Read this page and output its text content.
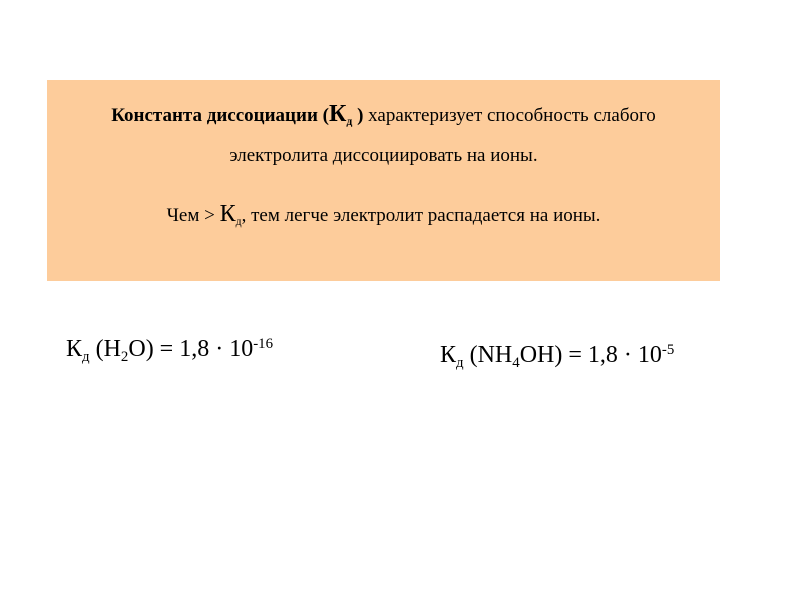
Константа диссоциации ($К_д$ ) характеризует способность слабого
электролита диссоциировать на ионы.
Чем > $К_д$, тем легче электролит распадается на ионы.
$К_д$ $(H_2O) = 1,8 \cdot 10^{-16}$	$К_д$ $(NH_4OH) = 1,8 \cdot 10^{-5}$
